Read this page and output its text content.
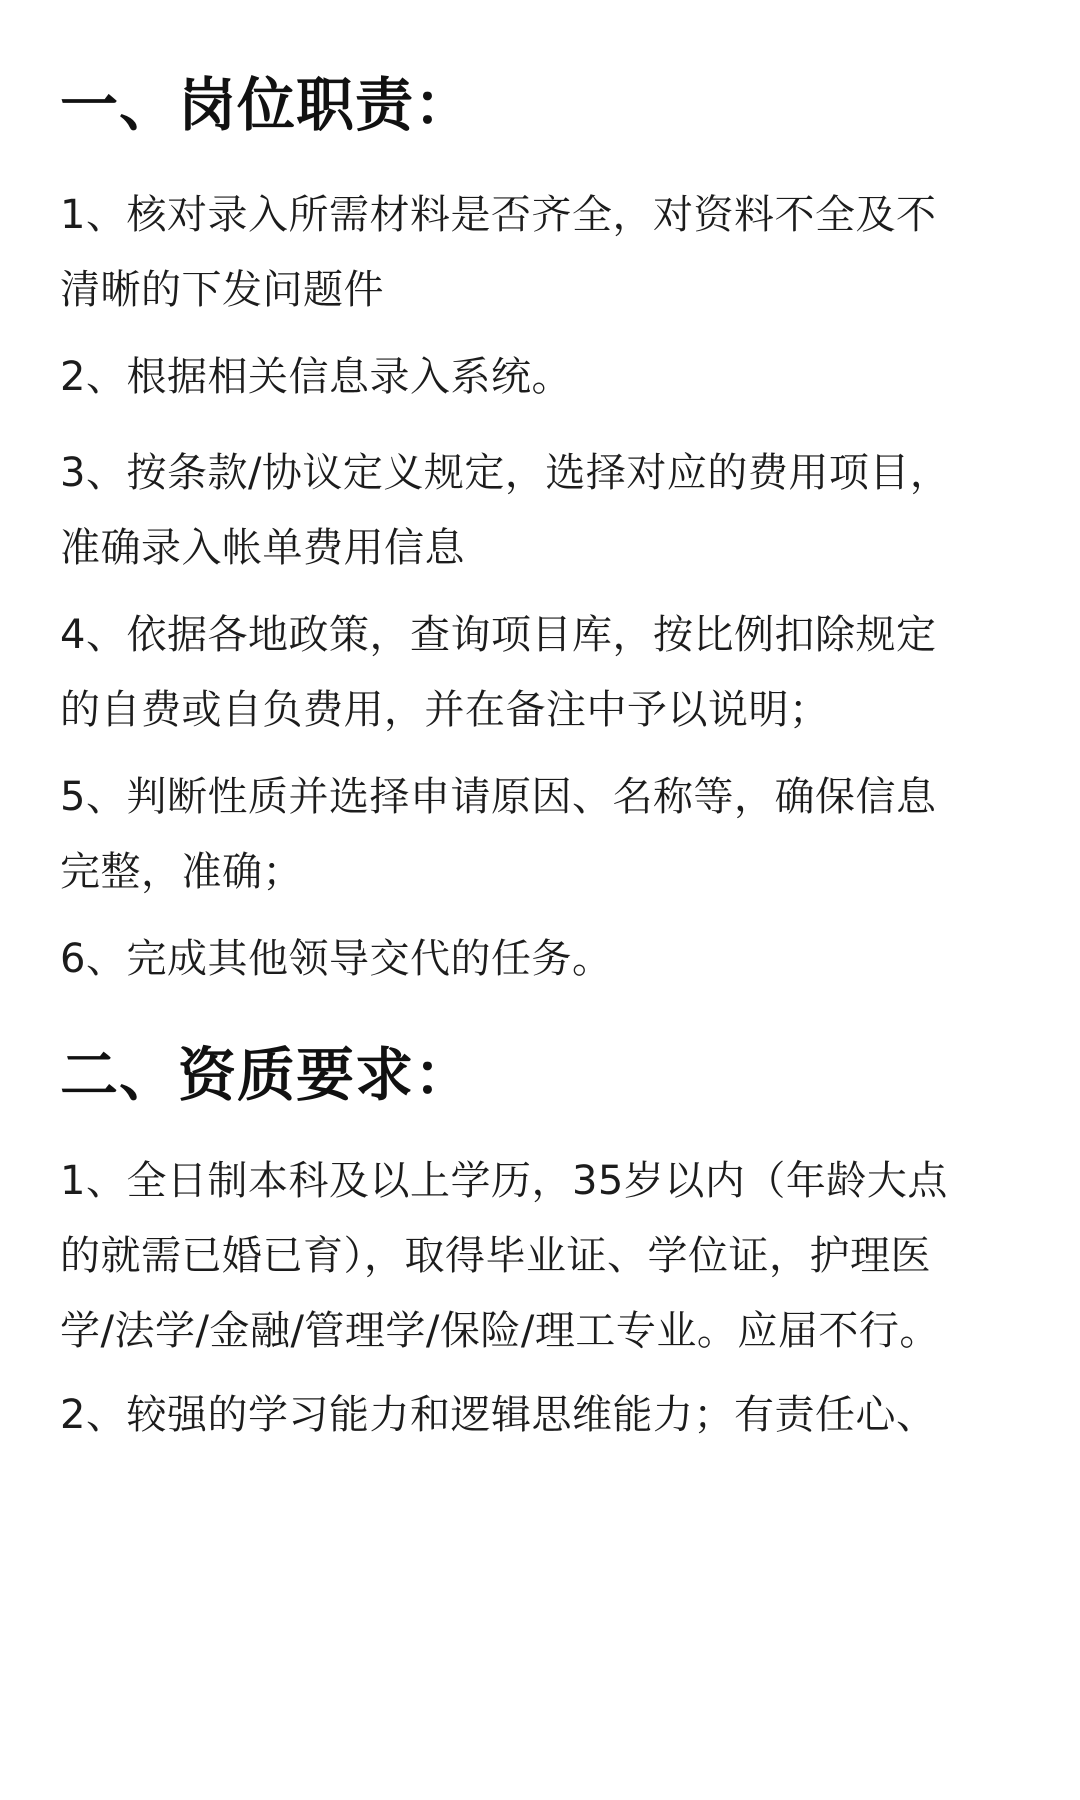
一、岗位职责：

1、核对录入所需材料是否齐全，对资料不全及不
清晰的下发问题件

2、根据相关信息录入系统。

3、按条款/协议定义规定，选择对应的费用项目，
准确录入帐单费用信息

4、依据各地政策，查询项目库，按比例扣除规定
的自费或自负费用，并在备注中予以说明；

5、判断性质并选择申请原因、名称等，确保信息
完整，准确；

6、完成其他领导交代的任务。

二、资质要求：

1、全日制本科及以上学历，35岁以内（年龄大点
的就需已婚已育），取得毕业证、学位证，护理医
学/法学/金融/管理学/保险/理工专业。应届不行。

2、较强的学习能力和逻辑思维能力；有责任心、
